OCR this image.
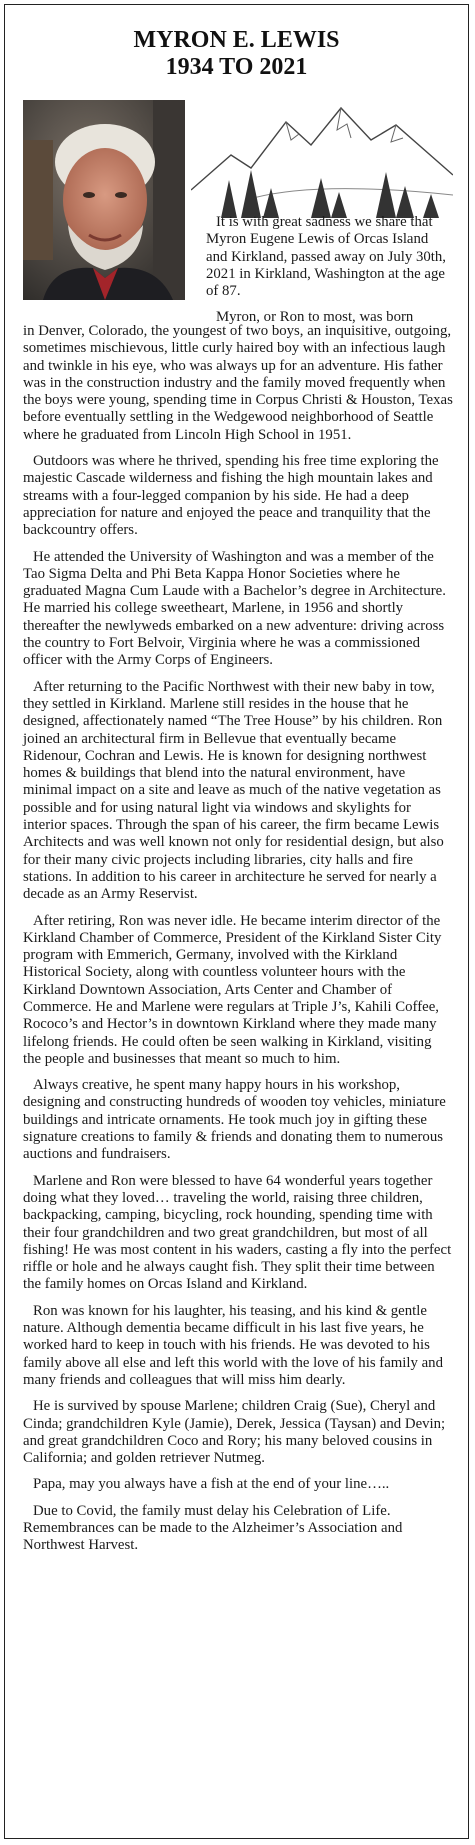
MYRON E. LEWIS
1934 TO 2021

It is with great sadness we share that Myron Eugene Lewis of Orcas Island and Kirkland, passed away on July 30th, 2021 in Kirkland, Washington at the age of 87.

Myron, or Ron to most, was born

in Denver, Colorado, the youngest of two boys, an inquisitive, outgoing, sometimes mischievous, little curly haired boy with an infectious laugh and twinkle in his eye, who was always up for an adventure. His father was in the construction industry and the family moved frequently when the boys were young, spending time in Corpus Christi & Houston, Texas before eventually settling in the Wedgewood neighborhood of Seattle where he graduated from Lincoln High School in 1951.

Outdoors was where he thrived, spending his free time exploring the majestic Cascade wilderness and fishing the high mountain lakes and streams with a four-legged companion by his side. He had a deep appreciation for nature and enjoyed the peace and tranquility that the backcountry offers.

He attended the University of Washington and was a member of the Tao Sigma Delta and Phi Beta Kappa Honor Societies where he graduated Magna Cum Laude with a Bachelor’s degree in Architecture. He married his college sweetheart, Marlene, in 1956 and shortly thereafter the newlyweds embarked on a new adventure: driving across the country to Fort Belvoir, Virginia where he was a commissioned officer with the Army Corps of Engineers.

After returning to the Pacific Northwest with their new baby in tow, they settled in Kirkland. Marlene still resides in the house that he designed, affectionately named “The Tree House” by his children. Ron joined an architectural firm in Bellevue that eventually became Ridenour, Cochran and Lewis. He is known for designing northwest homes & buildings that blend into the natural environment, have minimal impact on a site and leave as much of the native vegetation as possible and for using natural light via windows and skylights for interior spaces. Through the span of his career, the firm became Lewis Architects and was well known not only for residential design, but also for their many civic projects including libraries, city halls and fire stations. In addition to his career in architecture he served for nearly a decade as an Army Reservist.

After retiring, Ron was never idle. He became interim director of the Kirkland Chamber of Commerce, President of the Kirkland Sister City program with Emmerich, Germany, involved with the Kirkland Historical Society, along with countless volunteer hours with the Kirkland Downtown Association, Arts Center and Chamber of Commerce. He and Marlene were regulars at Triple J’s, Kahili Coffee, Rococo’s and Hector’s in downtown Kirkland where they made many lifelong friends. He could often be seen walking in Kirkland, visiting the people and businesses that meant so much to him.

Always creative, he spent many happy hours in his workshop, designing and constructing hundreds of wooden toy vehicles, miniature buildings and intricate ornaments. He took much joy in gifting these signature creations to family & friends and donating them to numerous auctions and fundraisers.

Marlene and Ron were blessed to have 64 wonderful years together doing what they loved… traveling the world, raising three children, backpacking, camping, bicycling, rock hounding, spending time with their four grandchildren and two great grandchildren, but most of all fishing! He was most content in his waders, casting a fly into the perfect riffle or hole and he always caught fish. They split their time between the family homes on Orcas Island and Kirkland.

Ron was known for his laughter, his teasing, and his kind & gentle nature. Although dementia became difficult in his last five years, he worked hard to keep in touch with his friends. He was devoted to his family above all else and left this world with the love of his family and many friends and colleagues that will miss him dearly.

He is survived by spouse Marlene; children Craig (Sue), Cheryl and Cinda; grandchildren Kyle (Jamie), Derek, Jessica (Taysan) and Devin; and great grandchildren Coco and Rory; his many beloved cousins in California; and golden retriever Nutmeg.

Papa, may you always have a fish at the end of your line…..

Due to Covid, the family must delay his Celebration of Life. Remembrances can be made to the Alzheimer’s Association and Northwest Harvest.
